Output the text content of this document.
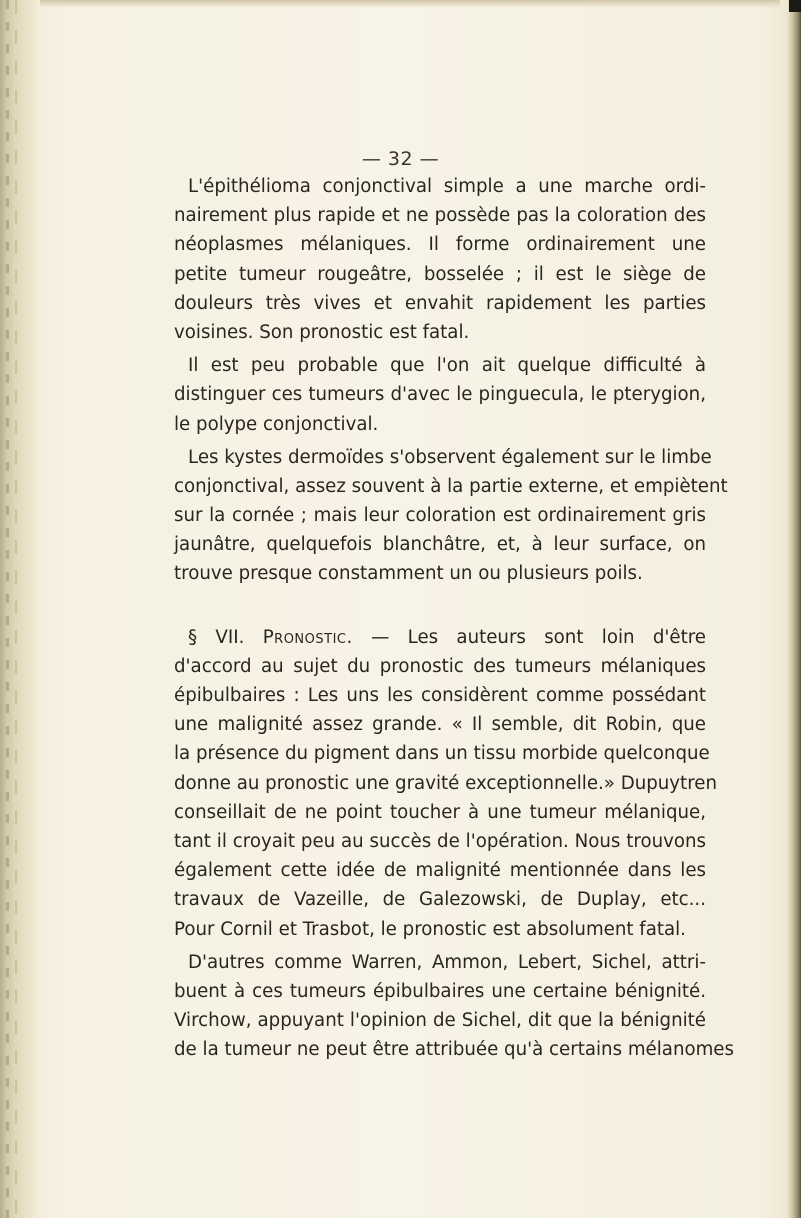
— 32 —
L'épithélioma conjonctival simple a une marche ordi-
nairement plus rapide et ne possède pas la coloration des
néoplasmes mélaniques. Il forme ordinairement une
petite tumeur rougeâtre, bosselée ; il est le siège de
douleurs très vives et envahit rapidement les parties
voisines. Son pronostic est fatal.
Il est peu probable que l'on ait quelque difficulté à
distinguer ces tumeurs d'avec le pinguecula, le pterygion,
le polype conjonctival.
Les kystes dermoïdes s'observent également sur le limbe
conjonctival, assez souvent à la partie externe, et empiètent
sur la cornée ; mais leur coloration est ordinairement gris
jaunâtre, quelquefois blanchâtre, et, à leur surface, on
trouve presque constamment un ou plusieurs poils.
§ VII. Pronostic. — Les auteurs sont loin d'être
d'accord au sujet du pronostic des tumeurs mélaniques
épibulbaires : Les uns les considèrent comme possédant
une malignité assez grande. « Il semble, dit Robin, que
la présence du pigment dans un tissu morbide quelconque
donne au pronostic une gravité exceptionnelle.» Dupuytren
conseillait de ne point toucher à une tumeur mélanique,
tant il croyait peu au succès de l'opération. Nous trouvons
également cette idée de malignité mentionnée dans les
travaux de Vazeille, de Galezowski, de Duplay, etc...
Pour Cornil et Trasbot, le pronostic est absolument fatal.
D'autres comme Warren, Ammon, Lebert, Sichel, attri-
buent à ces tumeurs épibulbaires une certaine bénignité.
Virchow, appuyant l'opinion de Sichel, dit que la bénignité
de la tumeur ne peut être attribuée qu'à certains mélanomes
